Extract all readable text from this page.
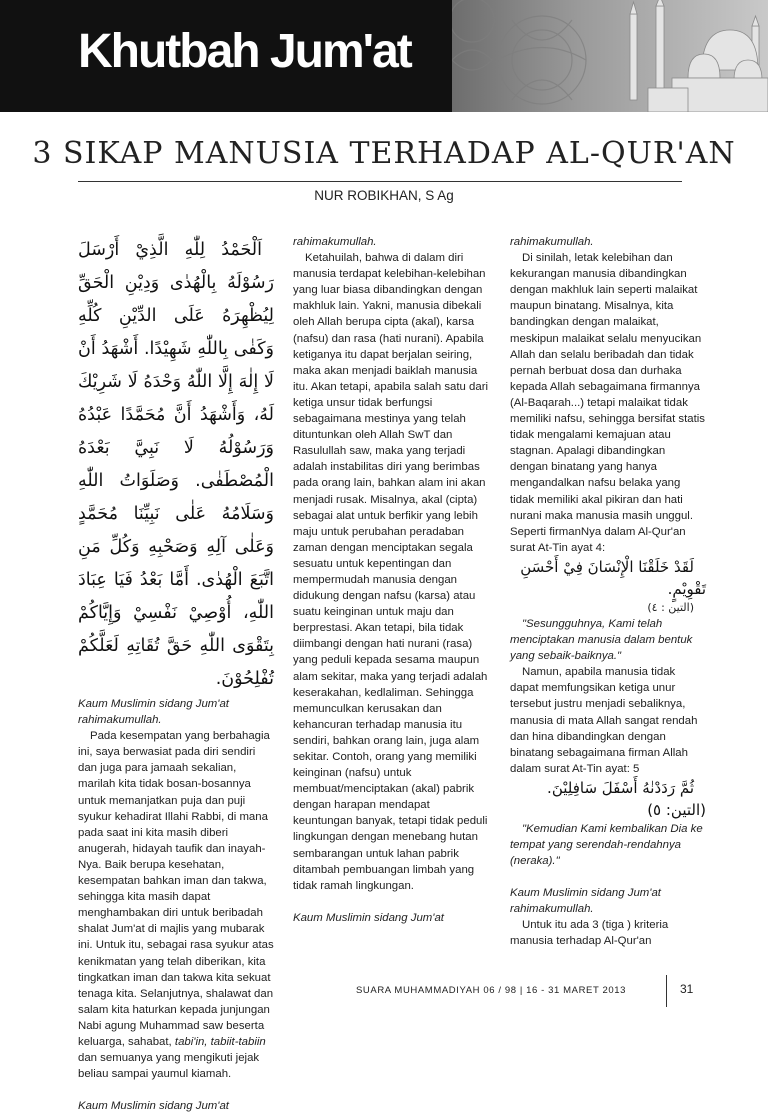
Khutbah Jum'at
3 SIKAP MANUSIA TERHADAP AL-QUR'AN
NUR ROBIKHAN, S Ag

اَلْحَمْدُ لِلّٰهِ الَّذِيْ أَرْسَلَ رَسُوْلَهُ بِالْهُدٰى وَدِيْنِ الْحَقِّ لِيُظْهِرَهُ عَلَى الدِّيْنِ كُلِّهِ وَكَفٰى بِاللّٰهِ شَهِيْدًا. أَشْهَدُ أَنْ لَا إِلٰهَ إِلَّا اللّٰهُ وَحْدَهُ لَا شَرِيْكَ لَهُ، وَأَشْهَدُ أَنَّ مُحَمَّدًا عَبْدُهُ وَرَسُوْلُهُ لَا نَبِيَّ بَعْدَهُ الْمُصْطَفٰى. وَصَلَوَاتُ اللّٰهِ وَسَلَامُهُ عَلٰى نَبِيِّنَا مُحَمَّدٍ وَعَلٰى آلِهِ وَصَحْبِهِ وَكُلِّ مَنِ اتَّبَعَ الْهُدٰى. أَمَّا بَعْدُ فَيَا عِبَادَ اللّٰهِ، أُوْصِيْ نَفْسِيْ وَإِيَّاكُمْ بِتَقْوَى اللّٰهِ حَقَّ تُقَاتِهِ لَعَلَّكُمْ تُفْلِحُوْنَ.

Kaum Muslimin sidang Jum'at rahimakumullah.

Pada kesempatan yang berbahagia ini, saya berwasiat pada diri sendiri dan juga para jamaah sekalian, marilah kita tidak bosan-bosannya untuk memanjatkan puja dan puji syukur kehadirat Illahi Rabbi, di mana pada saat ini kita masih diberi anugerah, hidayah taufik dan inayah-Nya. Baik berupa kesehatan, kesempatan bahkan iman dan takwa, sehingga kita masih dapat menghambakan diri untuk beribadah shalat Jum'at di majlis yang mubarak ini. Untuk itu, sebagai rasa syukur atas kenikmatan yang telah diberikan, kita tingkatkan iman dan takwa kita sekuat tenaga kita. Selanjutnya, shalawat dan salam kita haturkan kepada junjungan Nabi agung Muhammad saw beserta keluarga, sahabat, tabi'in, tabiit-tabiin dan semuanya yang mengikuti jejak beliau sampai yaumul kiamah.

Kaum Muslimin sidang Jum'at

rahimakumullah.

Ketahuilah, bahwa di dalam diri manusia terdapat kelebihan-kelebihan yang luar biasa dibandingkan dengan makhluk lain. Yakni, manusia dibekali oleh Allah berupa cipta (akal), karsa (nafsu) dan rasa (hati nurani). Apabila ketiganya itu dapat berjalan seiring, maka akan menjadi baiklah manusia itu. Akan tetapi, apabila salah satu dari ketiga unsur tidak berfungsi sebagaimana mestinya yang telah dituntunkan oleh Allah SwT dan Rasulullah saw, maka yang terjadi adalah instabilitas diri yang berimbas pada orang lain, bahkan alam ini akan menjadi rusak. Misalnya, akal (cipta) sebagai alat untuk berfikir yang lebih maju untuk perubahan peradaban zaman dengan menciptakan segala sesuatu untuk kepentingan dan mempermudah manusia dengan didukung dengan nafsu (karsa) atau suatu keinginan untuk maju dan berprestasi. Akan tetapi, bila tidak diimbangi dengan hati nurani (rasa) yang peduli kepada sesama maupun alam sekitar, maka yang terjadi adalah keserakahan, kedlaliman. Sehingga memunculkan kerusakan dan kehancuran terhadap manusia itu sendiri, bahkan orang lain, juga alam sekitar. Contoh, orang yang memiliki keinginan (nafsu) untuk membuat/menciptakan (akal) pabrik dengan harapan mendapat keuntungan banyak, tetapi tidak peduli lingkungan dengan menebang hutan sembarangan untuk lahan pabrik ditambah pembuangan limbah yang tidak ramah lingkungan.

Kaum Muslimin sidang Jum'at

rahimakumullah.

Di sinilah, letak kelebihan dan kekurangan manusia dibandingkan dengan makhluk lain seperti malaikat maupun binatang. Misalnya, kita bandingkan dengan malaikat, meskipun malaikat selalu menyucikan Allah dan selalu beribadah dan tidak pernah berbuat dosa dan durhaka kepada Allah sebagaimana firmannya (Al-Baqarah...) tetapi malaikat tidak memiliki nafsu, sehingga bersifat statis tidak mengalami kemajuan atau stagnan. Apalagi dibandingkan dengan binatang yang hanya mengandalkan nafsu belaka yang tidak memiliki akal pikiran dan hati nurani maka manusia masih unggul. Seperti firmanNya dalam Al-Qur'an surat At-Tin ayat 4:

لَقَدْ خَلَقْنَا الْإِنْسَانَ فِيْ أَحْسَنِ تَقْوِيْمٍ.

(التين : ٤)

"Sesungguhnya, Kami telah menciptakan manusia dalam bentuk yang sebaik-baiknya."

Namun, apabila manusia tidak dapat memfungsikan ketiga unur tersebut justru menjadi sebaliknya, manusia di mata Allah sangat rendah dan hina dibandingkan dengan binatang sebagaimana firman Allah dalam surat At-Tin ayat: 5

ثُمَّ رَدَدْنٰهُ أَسْفَلَ سَافِلِيْنَ. (التين: ٥)

"Kemudian Kami kembalikan Dia ke tempat yang serendah-rendahnya (neraka)."

Kaum Muslimin sidang Jum'at rahimakumullah.

Untuk itu ada 3 (tiga ) kriteria manusia terhadap Al-Qur'an

SUARA MUHAMMADIYAH 06 / 98 | 16 - 31 MARET 2013	31
